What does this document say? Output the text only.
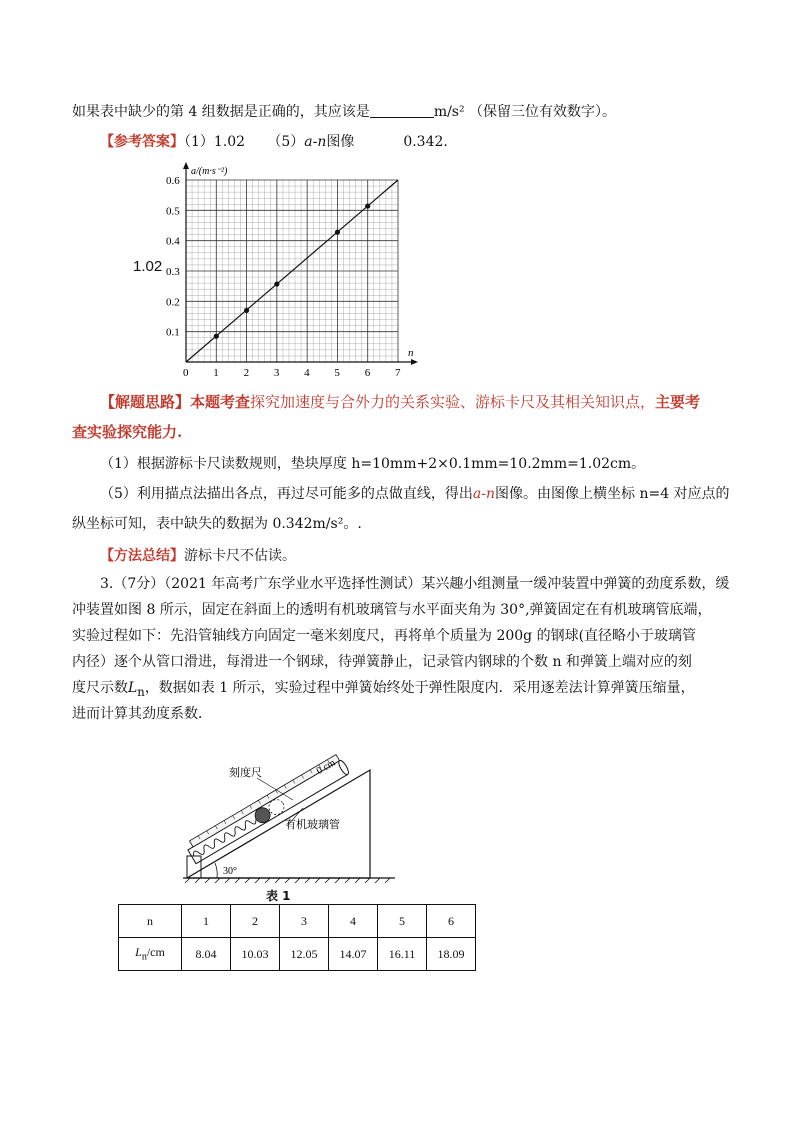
如果表中缺少的第 4 组数据是正确的，其应该是	m/s² （保留三位有效数字）。
【参考答案】（1）1.02 （5）a-n图像	0.342.
1.02
0 1 2 3 4 5 6 7
0.1
0.2
0.3
0.4
0.5
0.6
a/(m·s⁻²)
n
【解题思路】本题考查探究加速度与合外力的关系实验、游标卡尺及其相关知识点，主要考
查实验探究能力.
（1）根据游标卡尺读数规则，垫块厚度 h=10mm+2×0.1mm=10.2mm=1.02cm。
（5）利用描点法描出各点，再过尽可能多的点做直线，得出a-n图像。由图像上横坐标 n=4 对应点的
纵坐标可知，表中缺失的数据为 0.342m/s²。.
【方法总结】游标卡尺不估读。
3.（7分）（2021 年高考广东学业水平选择性测试）某兴趣小组测量一缓冲装置中弹簧的劲度系数，缓
冲装置如图 8 所示，固定在斜面上的透明有机玻璃管与水平面夹角为 30°,弹簧固定在有机玻璃管底端，
实验过程如下：先沿管轴线方向固定一毫米刻度尺，再将单个质量为 200g 的钢球(直径略小于玻璃管
内径）逐个从管口滑进，每滑进一个钢球，待弹簧静止，记录管内钢球的个数 n 和弹簧上端对应的刻
度尺示数$L_n$，数据如表 1 所示，实验过程中弹簧始终处于弹性限度内．采用逐差法计算弹簧压缩量，
进而计算其劲度系数．
刻度尺	0 cm
有机玻璃管
30°
表 1
n	1	2	3	4	5	6
$L_n/cm$	8.04	10.03	12.05	14.07	16.11	18.09
